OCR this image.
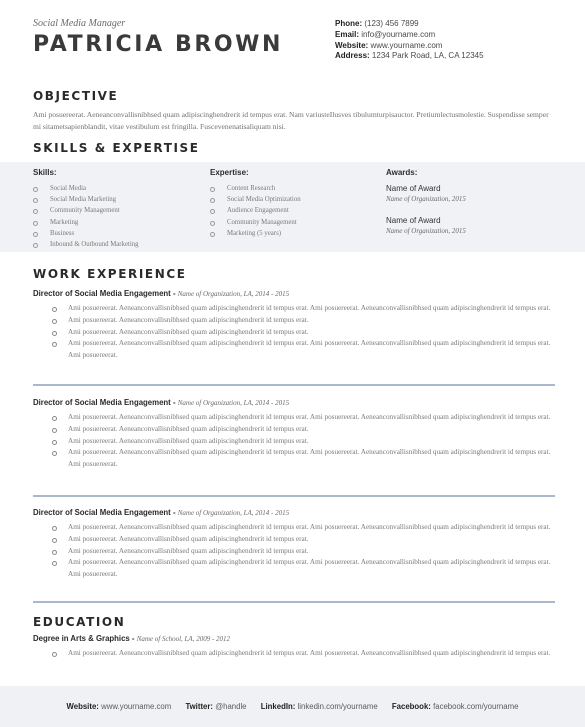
Social Media Manager
PATRICIA BROWN
Phone: (123) 456 7899
Email: info@yourname.com
Website: www.yourname.com
Address: 1234 Park Road, LA, CA 12345
OBJECTIVE
Ami posuereerat. Aeneanconvallisnibhsed quam adipiscinghendrerit id tempus erat. Nam variusteIlusves tibulumturpisauctor. Pretiumlectusmolestie. Suspendisse semper mi sitametsapienblandit, vitae vestibulum est fringilla. Fuscevenenatisaliquam nisi.
SKILLS & EXPERTISE
Skills:
Social Media
Social Media Marketing
Community Management
Marketing
Business
Inbound & Outbound Marketing
Expertise:
Content Research
Social Media Optimization
Audience Engagement
Community Management
Marketing (5 years)
Awards:
Name of Award
Name of Organization, 2015
Name of Award
Name of Organization, 2015
WORK EXPERIENCE
Director of Social Media Engagement - Name of Organization, LA, 2014 - 2015
Ami posuereerat. Aeneanconvallisnibhsed quam adipiscinghendrerit id tempus erat. Ami posuereerat. Aeneanconvallisnibhsed quam adipiscinghendrerit id tempus erat.
Ami posuereerat. Aeneanconvallisnibhsed quam adipiscinghendrerit id tempus erat.
Ami posuereerat. Aeneanconvallisnibhsed quam adipiscinghendrerit id tempus erat.
Ami posuereerat. Aeneanconvallisnibhsed quam adipiscinghendrerit id tempus erat. Ami posuereerat. Aeneanconvallisnibhsed quam adipiscinghendrerit id tempus erat. Ami posuereerat.
Director of Social Media Engagement - Name of Organization, LA, 2014 - 2015
Ami posuereerat. Aeneanconvallisnibhsed quam adipiscinghendrerit id tempus erat. Ami posuereerat. Aeneanconvallisnibhsed quam adipiscinghendrerit id tempus erat.
Ami posuereerat. Aeneanconvallisnibhsed quam adipiscinghendrerit id tempus erat.
Ami posuereerat. Aeneanconvallisnibhsed quam adipiscinghendrerit id tempus erat.
Ami posuereerat. Aeneanconvallisnibhsed quam adipiscinghendrerit id tempus erat. Ami posuereerat. Aeneanconvallisnibhsed quam adipiscinghendrerit id tempus erat. Ami posuereerat.
Director of Social Media Engagement - Name of Organization, LA, 2014 - 2015
Ami posuereerat. Aeneanconvallisnibhsed quam adipiscinghendrerit id tempus erat. Ami posuereerat. Aeneanconvallisnibhsed quam adipiscinghendrerit id tempus erat.
Ami posuereerat. Aeneanconvallisnibhsed quam adipiscinghendrerit id tempus erat.
Ami posuereerat. Aeneanconvallisnibhsed quam adipiscinghendrerit id tempus erat.
Ami posuereerat. Aeneanconvallisnibhsed quam adipiscinghendrerit id tempus erat. Ami posuereerat. Aeneanconvallisnibhsed quam adipiscinghendrerit id tempus erat. Ami posuereerat.
EDUCATION
Degree in Arts & Graphics - Name of School, LA, 2009 - 2012
Ami posuereerat. Aeneanconvallisnibhsed quam adipiscinghendrerit id tempus erat. Ami posuereerat. Aeneanconvallisnibhsed quam adipiscinghendrerit id tempus erat.
Website: www.yourname.com Twitter: @handle LinkedIn: linkedin.com/yourname Facebook: facebook.com/yourname
